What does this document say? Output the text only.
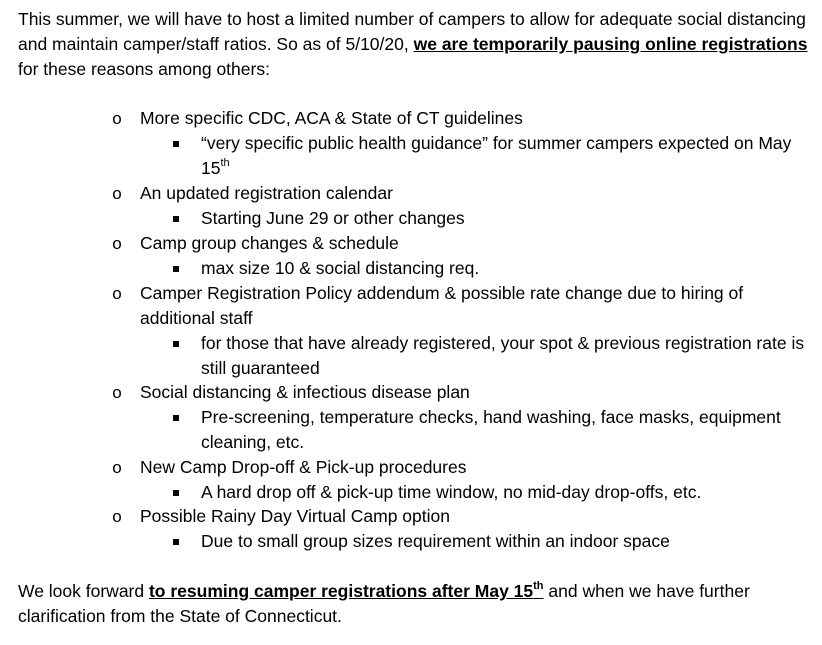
This summer, we will have to host a limited number of campers to allow for adequate social distancing and maintain camper/staff ratios. So as of 5/10/20, we are temporarily pausing online registrations for these reasons among others:

o More specific CDC, ACA & State of CT guidelines
“very specific public health guidance” for summer campers expected on May 15th
o An updated registration calendar
Starting June 29 or other changes
o Camp group changes & schedule
max size 10 & social distancing req.
o Camper Registration Policy addendum & possible rate change due to hiring of additional staff
for those that have already registered, your spot & previous registration rate is still guaranteed
o Social distancing & infectious disease plan
Pre-screening, temperature checks, hand washing, face masks, equipment cleaning, etc.
o New Camp Drop-off & Pick-up procedures
A hard drop off & pick-up time window, no mid-day drop-offs, etc.
o Possible Rainy Day Virtual Camp option
Due to small group sizes requirement within an indoor space

We look forward to resuming camper registrations after May 15th and when we have further clarification from the State of Connecticut.
